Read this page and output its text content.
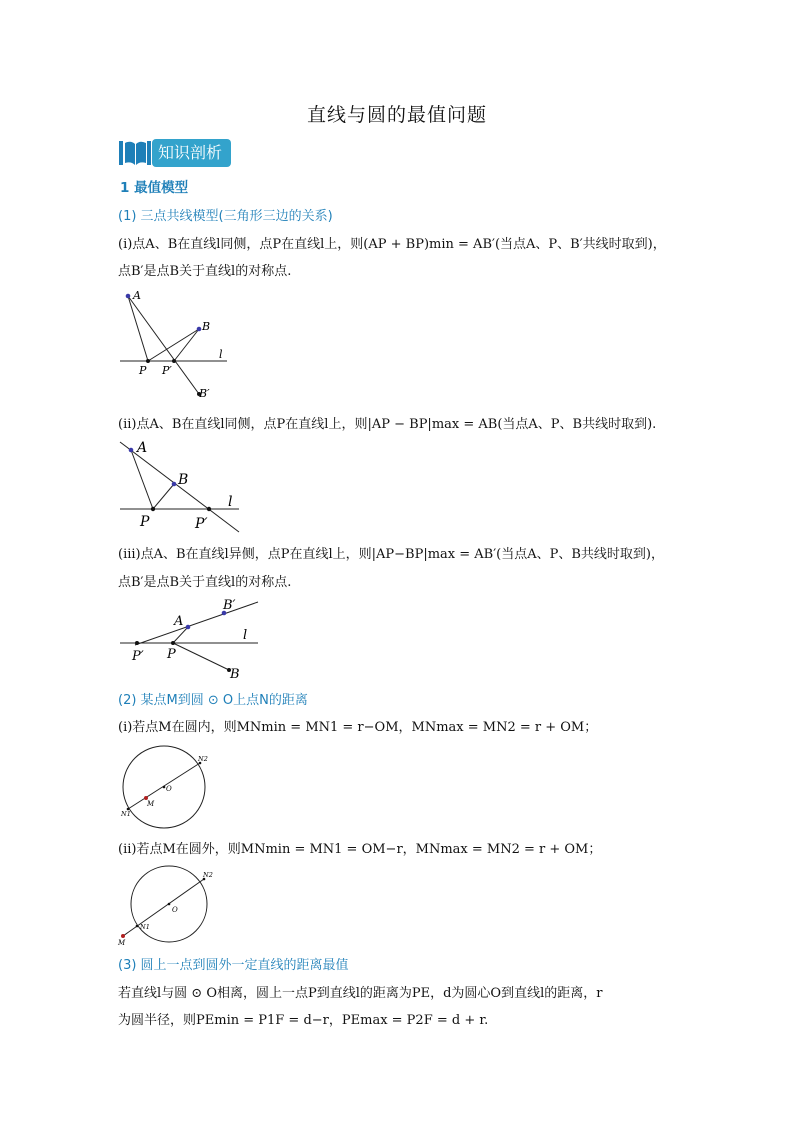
直线与圆的最值问题
知识剖析
1 最值模型
(1) 三点共线模型(三角形三边的关系)
(i)点A、B在直线l同侧，点P在直线l上，则(AP + BP)min = AB′(当点A、P、B′共线时取到)，
点B′是点B关于直线l的对称点.
A
B
P P′
B′
l
(ii)点A、B在直线l同侧，点P在直线l上，则|AP − BP|max = AB(当点A、P、B共线时取到).
A
B
P	P′
l
(iii)点A、B在直线l异侧，点P在直线l上，则|AP−BP|max = AB′(当点A、P、B共线时取到)，
点B′是点B关于直线l的对称点.
A
B′
P′ P
B
l
(2) 某点M到圆 ⊙ O上点N的距离
(i)若点M在圆内，则MNmin = MN1 = r−OM，MNmax = MN2 = r + OM；
O
M
N1
N2
(ii)若点M在圆外，则MNmin = MN1 = OM−r，MNmax = MN2 = r + OM；
O
M
N1
N2
(3) 圆上一点到圆外一定直线的距离最值
若直线l与圆 ⊙ O相离，圆上一点P到直线l的距离为PE，d为圆心O到直线l的距离，r
为圆半径，则PEmin = P1F = d−r，PEmax = P2F = d + r.
